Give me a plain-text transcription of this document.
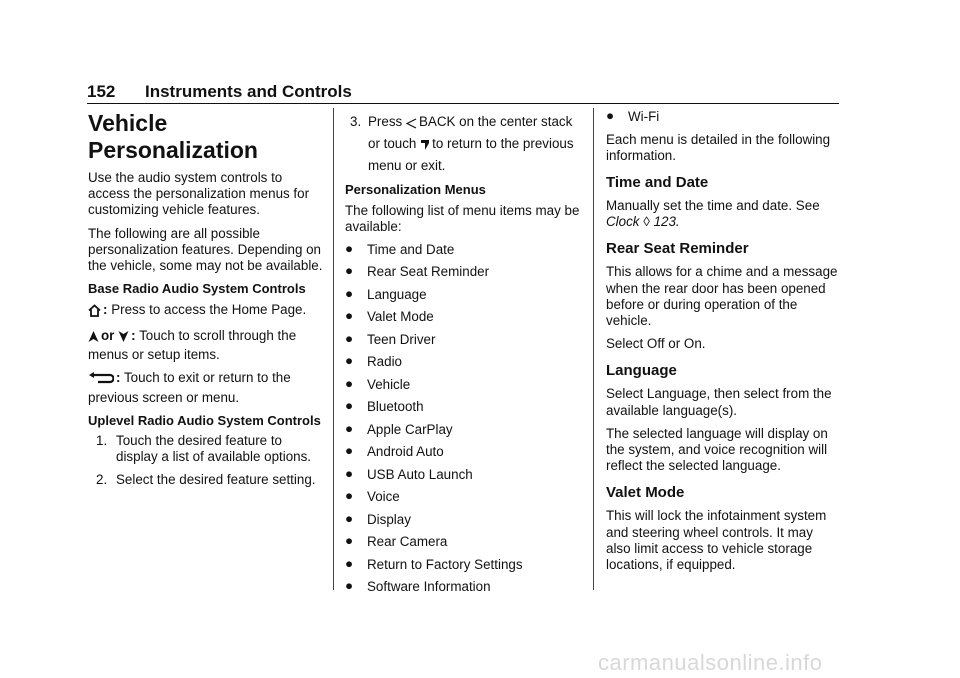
152 Instruments and Controls
Vehicle
Personalization

Use the audio system controls to access the personalization menus for customizing vehicle features.

The following are all possible personalization features. Depending on the vehicle, some may not be available.

Base Radio Audio System Controls

: Press to access the Home Page.

or : Touch to scroll through the menus or setup items.

: Touch to exit or return to the previous screen or menu.

Uplevel Radio Audio System Controls
1. Touch the desired feature to display a list of available options.
2. Select the desired feature setting.
3. Press BACK on the center stack or touch to return to the previous menu or exit.
Personalization Menus

The following list of menu items may be available:

● Time and Date
● Rear Seat Reminder
● Language
● Valet Mode
● Teen Driver
● Radio
● Vehicle
● Bluetooth
● Apple CarPlay
● Android Auto
● USB Auto Launch
● Voice
● Display
● Rear Camera
● Return to Factory Settings
● Software Information
● Wi-Fi

Each menu is detailed in the following information.

Time and Date

Manually set the time and date. See Clock ◊ 123.

Rear Seat Reminder

This allows for a chime and a message when the rear door has been opened before or during operation of the vehicle.

Select Off or On.

Language

Select Language, then select from the available language(s).

The selected language will display on the system, and voice recognition will reflect the selected language.

Valet Mode

This will lock the infotainment system and steering wheel controls. It may also limit access to vehicle storage locations, if equipped.

carmanualsonline.info
